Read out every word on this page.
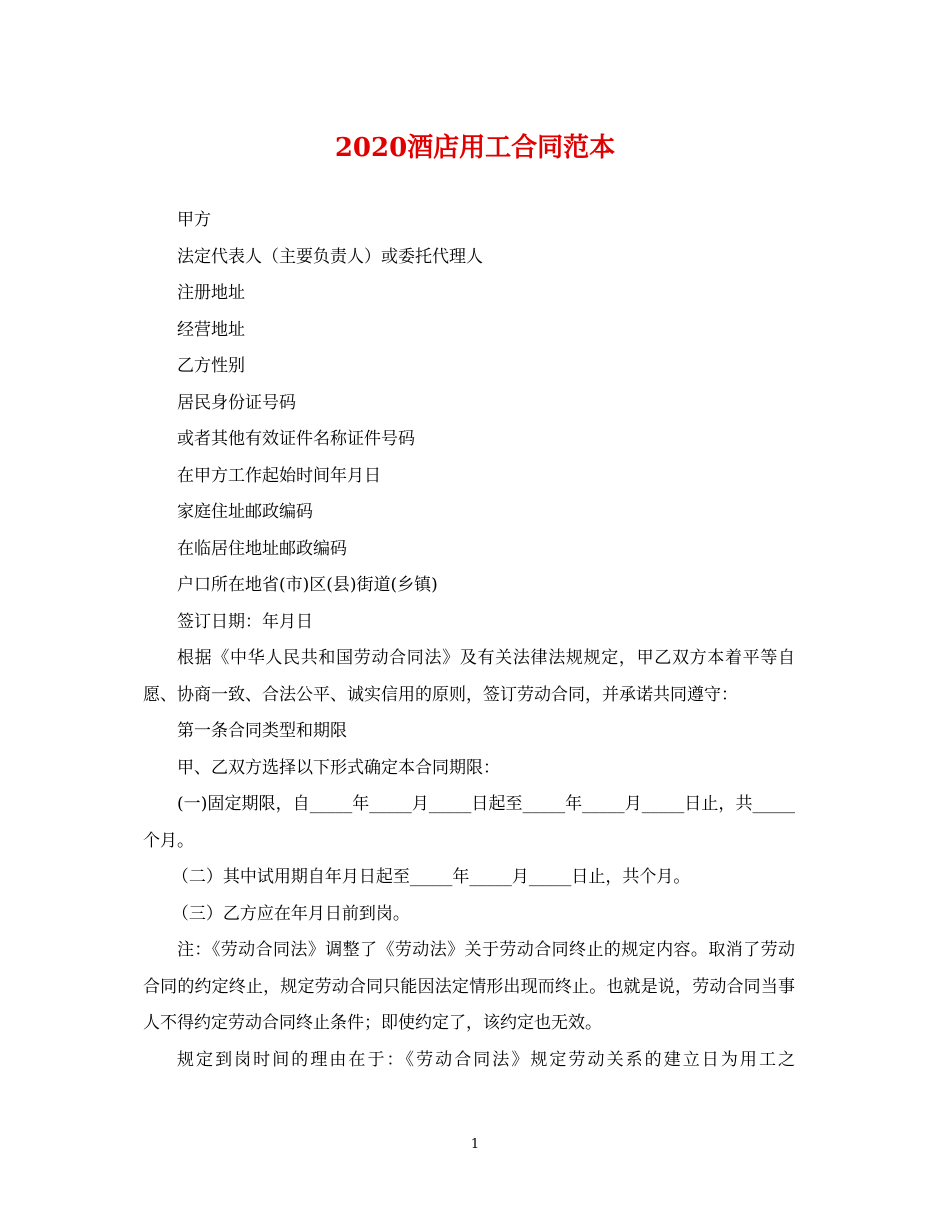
2020酒店用工合同范本

甲方

法定代表人（主要负责人）或委托代理人

注册地址

经营地址

乙方性别

居民身份证号码

或者其他有效证件名称证件号码

在甲方工作起始时间年月日

家庭住址邮政编码

在临居住地址邮政编码

户口所在地省(市)区(县)街道(乡镇)

签订日期：年月日

根据《中华人民共和国劳动合同法》及有关法律法规规定，甲乙双方本着平等自愿、协商一致、合法公平、诚实信用的原则，签订劳动合同，并承诺共同遵守：

第一条合同类型和期限

甲、乙双方选择以下形式确定本合同期限：

(一)固定期限，自_____年_____月_____日起至_____年_____月_____日止，共_____个月。

（二）其中试用期自年月日起至_____年_____月_____日止，共个月。

（三）乙方应在年月日前到岗。

注：《劳动合同法》调整了《劳动法》关于劳动合同终止的规定内容。取消了劳动合同的约定终止，规定劳动合同只能因法定情形出现而终止。也就是说，劳动合同当事人不得约定劳动合同终止条件；即使约定了，该约定也无效。

规定到岗时间的理由在于：《劳动合同法》规定劳动关系的建立日为用工之

1
